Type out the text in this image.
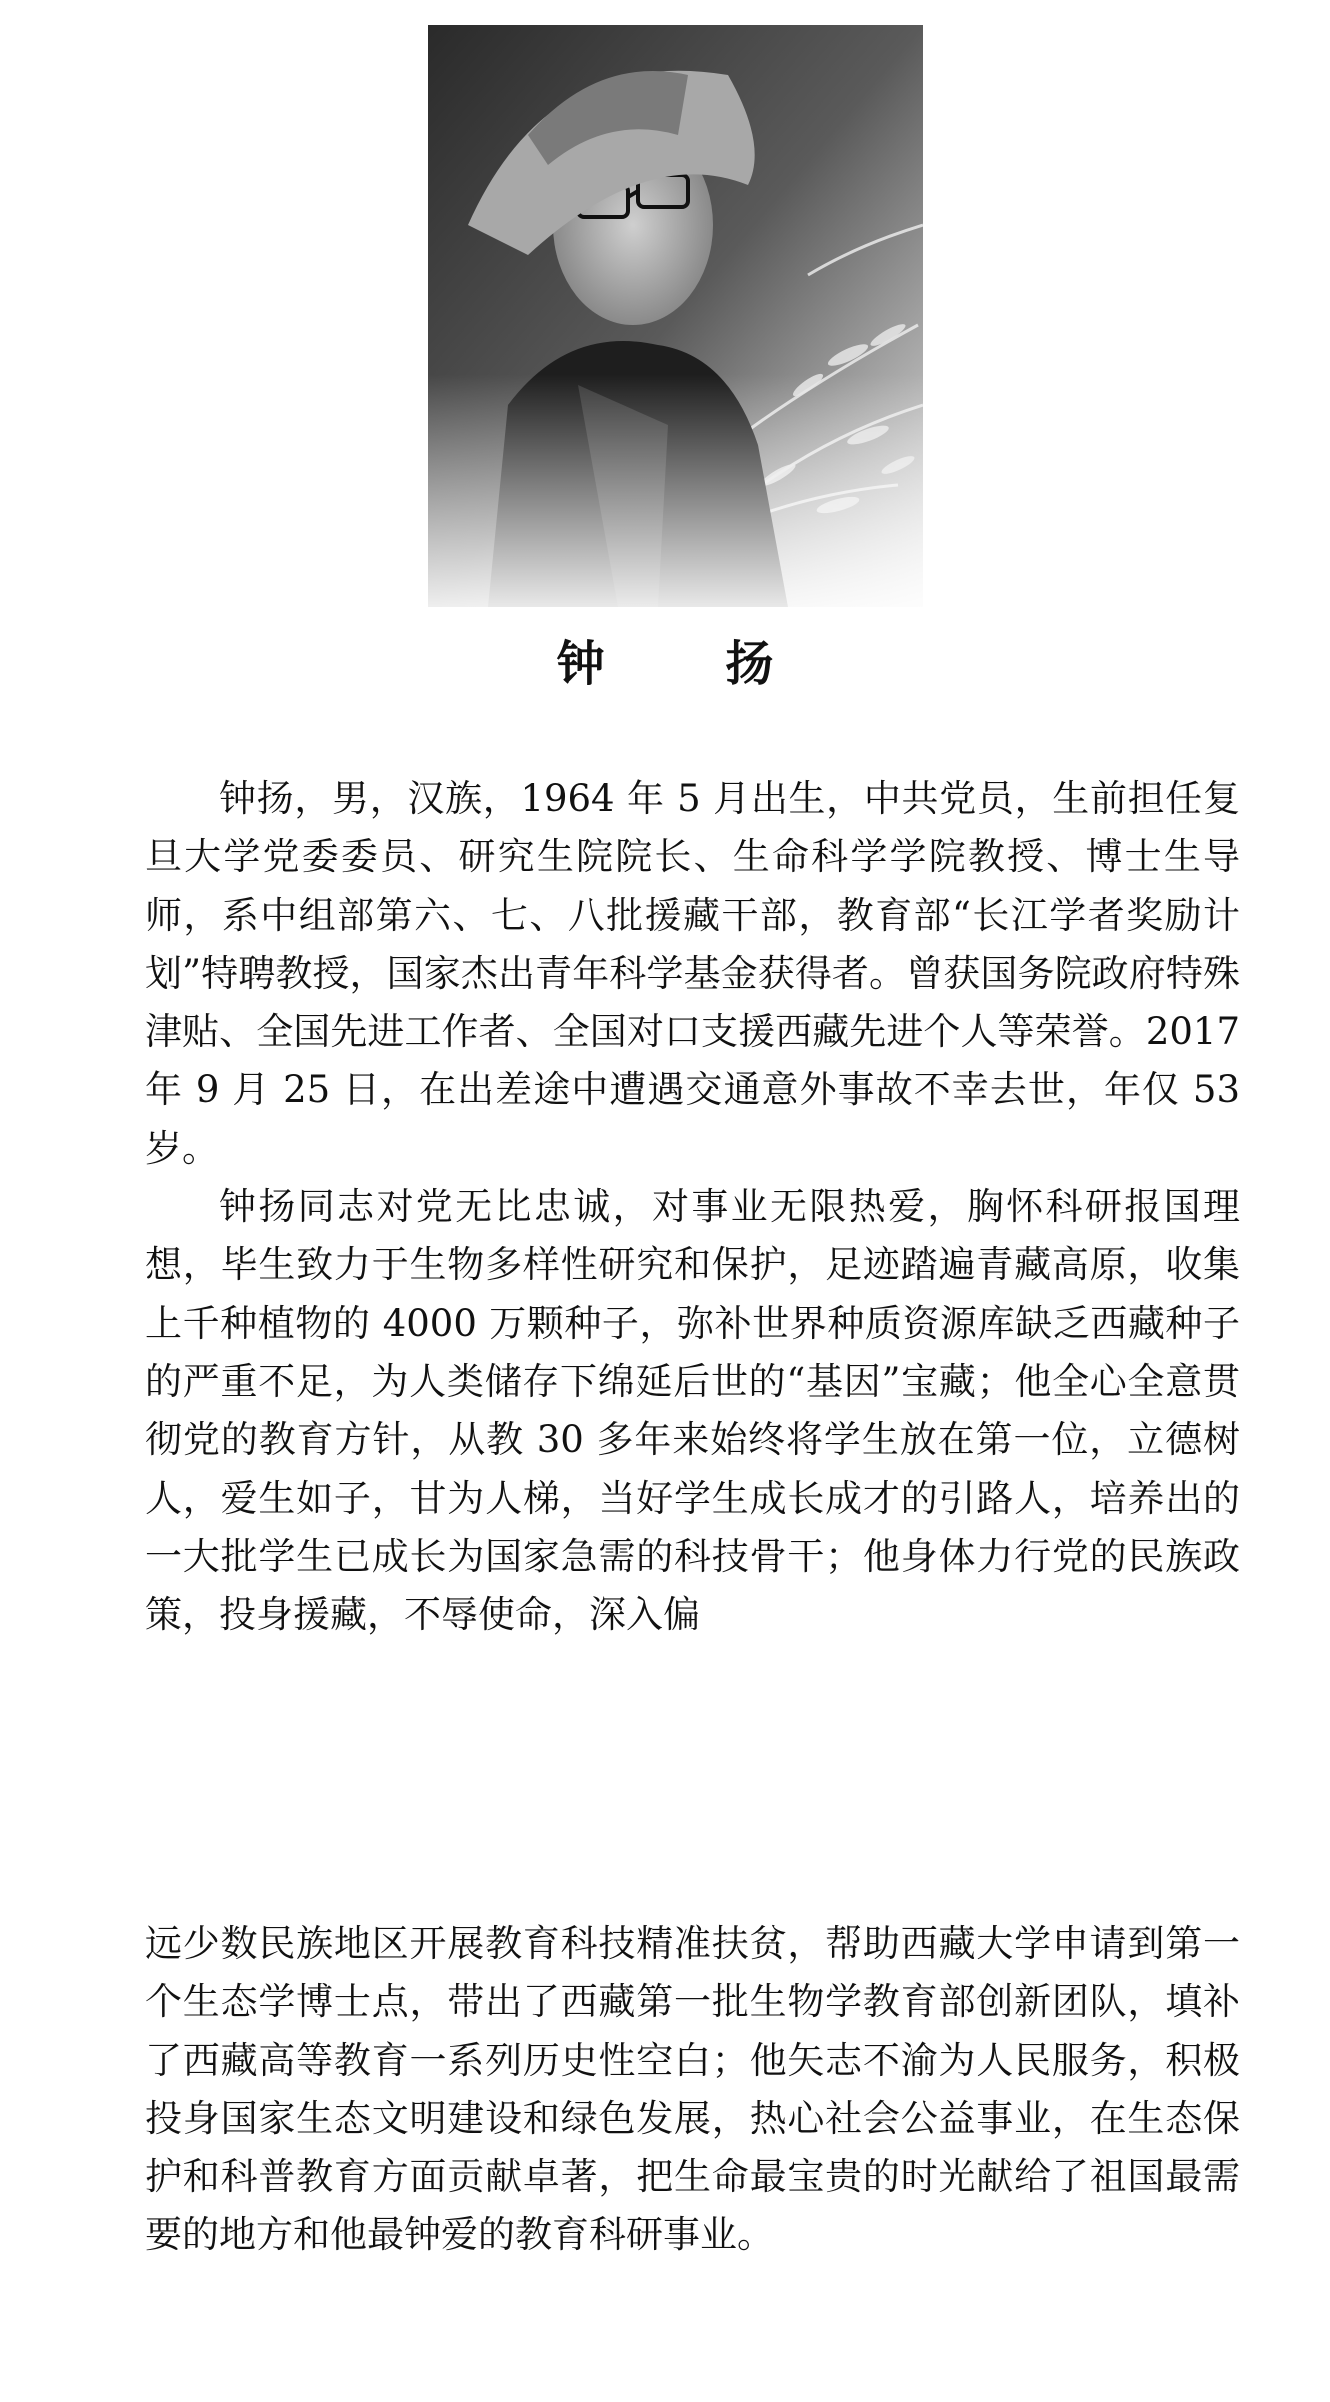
钟 扬

钟扬，男，汉族，1964 年 5 月出生，中共党员，生前担任复旦大学党委委员、研究生院院长、生命科学学院教授、博士生导师，系中组部第六、七、八批援藏干部，教育部“长江学者奖励计划”特聘教授，国家杰出青年科学基金获得者。曾获国务院政府特殊津贴、全国先进工作者、全国对口支援西藏先进个人等荣誉。2017 年 9 月 25 日，在出差途中遭遇交通意外事故不幸去世，年仅 53 岁。

钟扬同志对党无比忠诚，对事业无限热爱，胸怀科研报国理想，毕生致力于生物多样性研究和保护，足迹踏遍青藏高原，收集上千种植物的 4000 万颗种子，弥补世界种质资源库缺乏西藏种子的严重不足，为人类储存下绵延后世的“基因”宝藏；他全心全意贯彻党的教育方针，从教 30 多年来始终将学生放在第一位，立德树人，爱生如子，甘为人梯，当好学生成长成才的引路人，培养出的一大批学生已成长为国家急需的科技骨干；他身体力行党的民族政策，投身援藏，不辱使命，深入偏

远少数民族地区开展教育科技精准扶贫，帮助西藏大学申请到第一个生态学博士点，带出了西藏第一批生物学教育部创新团队，填补了西藏高等教育一系列历史性空白；他矢志不渝为人民服务，积极投身国家生态文明建设和绿色发展，热心社会公益事业，在生态保护和科普教育方面贡献卓著，把生命最宝贵的时光献给了祖国最需要的地方和他最钟爱的教育科研事业。
